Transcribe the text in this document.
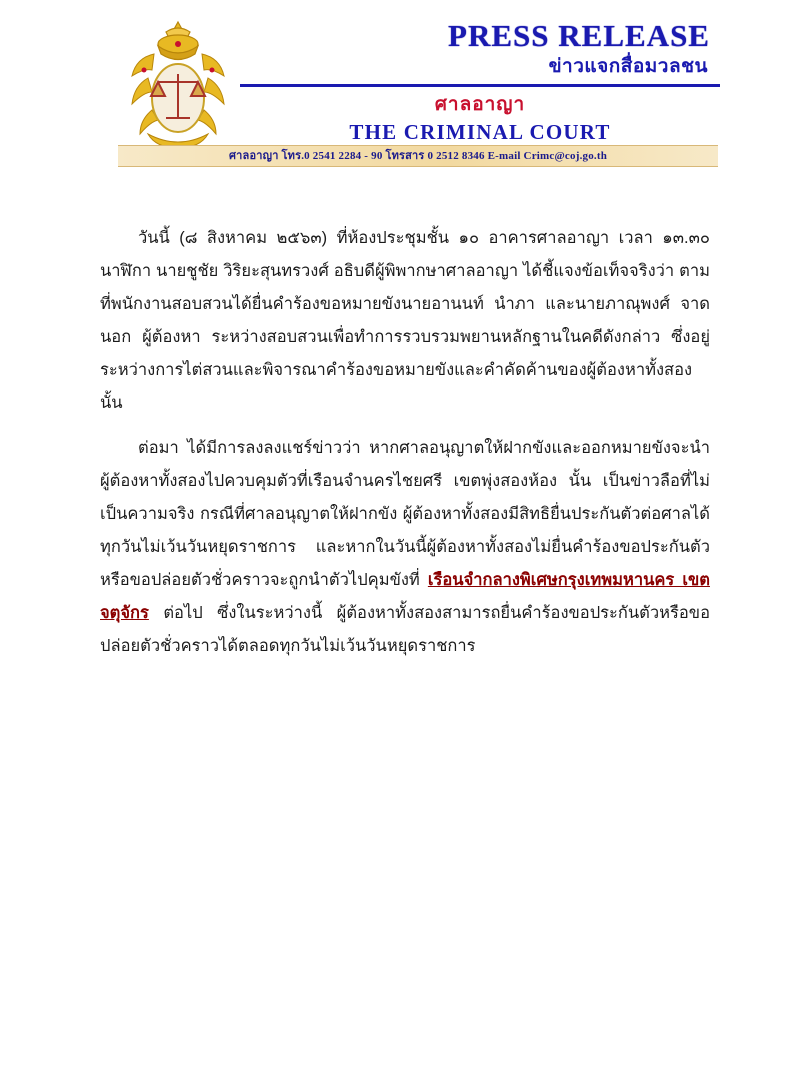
PRESS RELEASE
ข่าวแจกสื่อมวลชน
ศาลอาญา
THE CRIMINAL COURT
ศาลอาญา โทร.0 2541 2284 - 90 โทรสาร 0 2512 8346 E-mail Crimc@coj.go.th

วันนี้ (๘ สิงหาคม ๒๕๖๓) ที่ห้องประชุมชั้น ๑๐ อาคารศาลอาญา เวลา ๑๓.๓๐ นาฬิกา นายชูชัย วิริยะสุนทรวงศ์ อธิบดีผู้พิพากษาศาลอาญา ได้ชี้แจงข้อเท็จจริงว่า ตามที่พนักงานสอบสวนได้ยื่นคำร้องขอหมายขังนายอานนท์ นำภา และนายภาณุพงศ์ จาดนอก ผู้ต้องหา ระหว่างสอบสวนเพื่อทำการรวบรวมพยานหลักฐานในคดีดังกล่าว ซึ่งอยู่ระหว่างการไต่สวนและพิจารณาคำร้องขอหมายขังและคำคัดค้านของผู้ต้องหาทั้งสอง นั้น

ต่อมา ได้มีการลงลงแชร์ข่าวว่า หากศาลอนุญาตให้ฝากขังและออกหมายขังจะนำผู้ต้องหาทั้งสองไปควบคุมตัวที่เรือนจำนครไชยศรี เขตพุ่งสองห้อง นั้น เป็นข่าวลือที่ไม่เป็นความจริง กรณีที่ศาลอนุญาตให้ฝากขัง ผู้ต้องหาทั้งสองมีสิทธิยื่นประกันตัวต่อศาลได้ทุกวันไม่เว้นวันหยุดราชการ และหากในวันนี้ผู้ต้องหาทั้งสองไม่ยื่นคำร้องขอประกันตัวหรือขอปล่อยตัวชั่วคราวจะถูกนำตัวไปคุมขังที่ เรือนจำกลางพิเศษกรุงเทพมหานคร เขตจตุจักร ต่อไป ซึ่งในระหว่างนี้ ผู้ต้องหาทั้งสองสามารถยื่นคำร้องขอประกันตัวหรือขอปล่อยตัวชั่วคราวได้ตลอดทุกวันไม่เว้นวันหยุดราชการ
